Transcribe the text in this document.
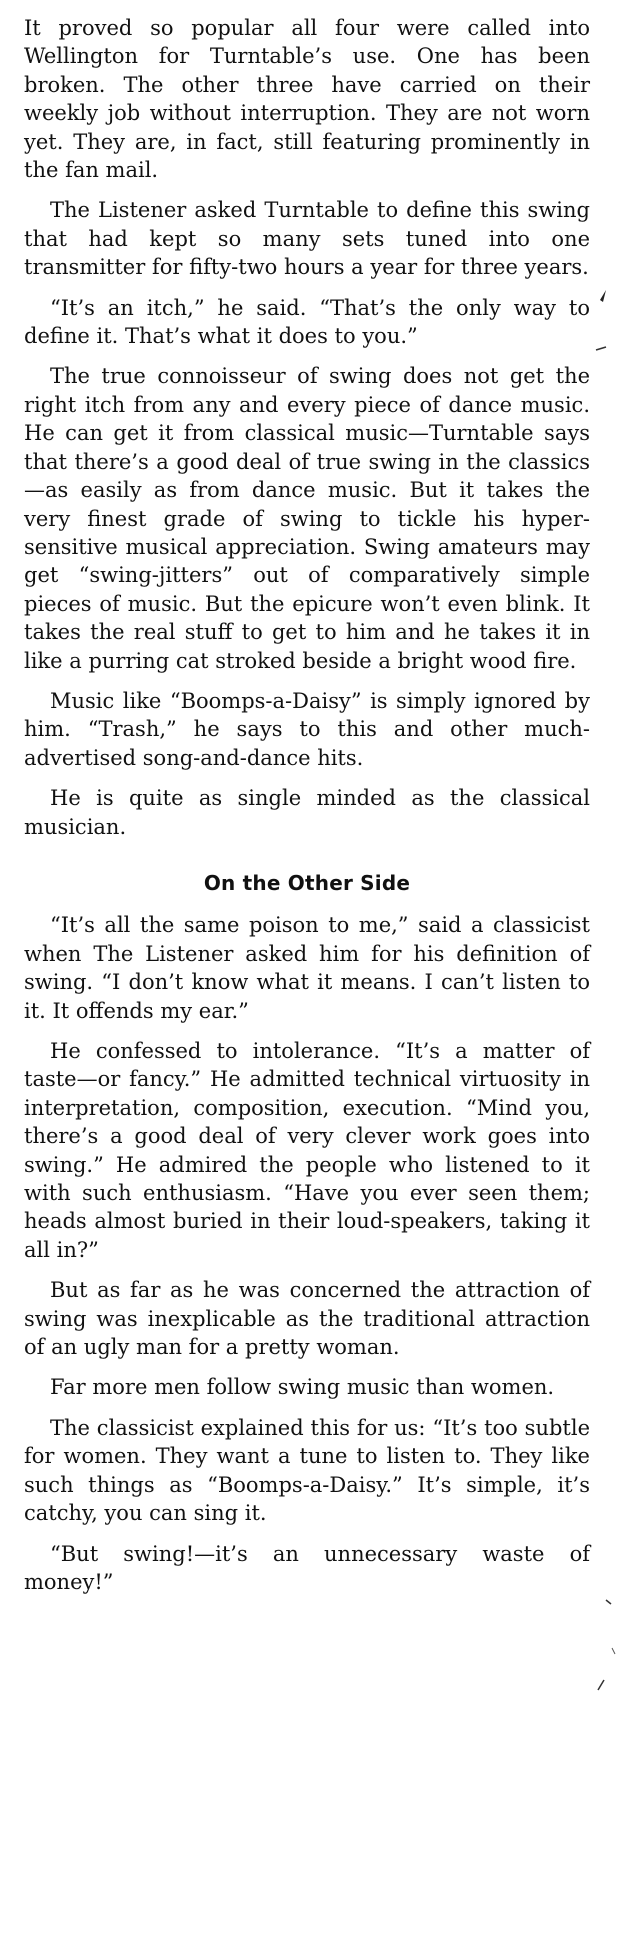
It proved so popular all four were called into Wellington for Turntable’s use. One has been broken. The other three have carried on their weekly job without interruption. They are not worn yet. They are, in fact, still featuring prominently in the fan mail.

The Listener asked Turntable to define this swing that had kept so many sets tuned into one transmitter for fifty-two hours a year for three years.

“It’s an itch,” he said. “That’s the only way to define it. That’s what it does to you.”

The true connoisseur of swing does not get the right itch from any and every piece of dance music. He can get it from classical music—Turntable says that there’s a good deal of true swing in the classics—as easily as from dance music. But it takes the very finest grade of swing to tickle his hyper-sensitive musical appreciation. Swing amateurs may get “swing-jitters” out of comparatively simple pieces of music. But the epicure won’t even blink. It takes the real stuff to get to him and he takes it in like a purring cat stroked beside a bright wood fire.

Music like “Boomps-a-Daisy” is simply ignored by him. “Trash,” he says to this and other much-advertised song-and-dance hits.

He is quite as single minded as the classical musician.

On the Other Side

“It’s all the same poison to me,” said a classicist when The Listener asked him for his definition of swing. “I don’t know what it means. I can’t listen to it. It offends my ear.”

He confessed to intolerance. “It’s a matter of taste—or fancy.” He admitted technical virtuosity in interpretation, composition, execution. “Mind you, there’s a good deal of very clever work goes into swing.” He admired the people who listened to it with such enthusiasm. “Have you ever seen them; heads almost buried in their loud-speakers, taking it all in?”

But as far as he was concerned the attraction of swing was inexplicable as the traditional attraction of an ugly man for a pretty woman.

Far more men follow swing music than women.

The classicist explained this for us: “It’s too subtle for women. They want a tune to listen to. They like such things as “Boomps-a-Daisy.” It’s simple, it’s catchy, you can sing it.

“But swing!—it’s an unnecessary waste of money!”
